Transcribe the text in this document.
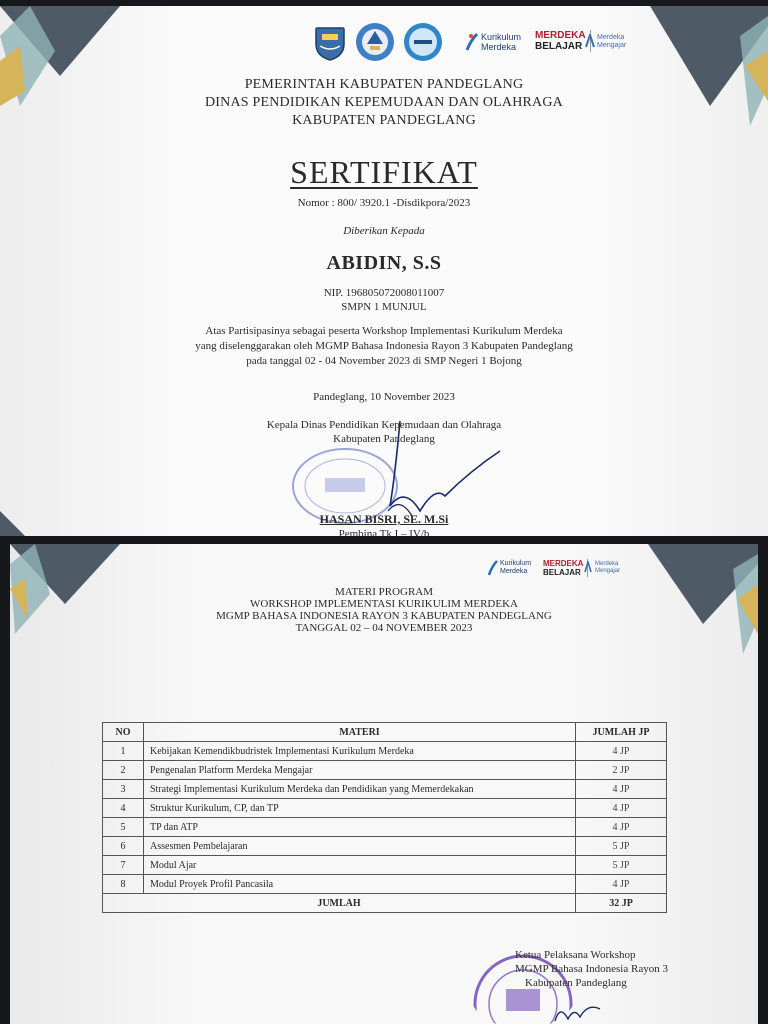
Kurikulum
Merdeka
MERDEKA
BELAJAR
Merdeka
Mengajar
PEMERINTAH KABUPATEN PANDEGLANG
DINAS PENDIDIKAN KEPEMUDAAN DAN OLAHRAGA
KABUPATEN PANDEGLANG
SERTIFIKAT
Nomor : 800/ 3920.1 -Disdikpora/2023
Diberikan Kepada
ABIDIN, S.S
NIP. 196805072008011007
SMPN 1 MUNJUL
Atas Partisipasinya sebagai peserta Workshop Implementasi Kurikulum Merdeka
yang diselenggarakan oleh MGMP Bahasa Indonesia Rayon 3 Kabupaten Pandeglang
pada tanggal 02 - 04 November 2023 di SMP Negeri 1 Bojong
Pandeglang, 10 November 2023
Kepala Dinas Pendidikan Kepemudaan dan Olahraga
Kabupaten Pandeglang
HASAN BISRI, SE. M.Si
Pembina Tk I – IV/b
Kurikulum
Merdeka
MERDEKA
BELAJAR
Merdeka
Mengajar
MATERI PROGRAM
WORKSHOP IMPLEMENTASI KURIKULIM MERDEKA
MGMP BAHASA INDONESIA RAYON 3 KABUPATEN PANDEGLANG
TANGGAL 02 – 04 NOVEMBER 2023
NO	MATERI	JUMLAH JP
1	Kebijakan Kemendikbudristek Implementasi Kurikulum Merdeka	4 JP
2	Pengenalan Platform Merdeka Mengajar	2 JP
3	Strategi Implementasi Kurikulum Merdeka dan Pendidikan yang Memerdekakan	4 JP
4	Struktur Kurikulum, CP, dan TP	4 JP
5	TP dan ATP	4 JP
6	Assesmen Pembelajaran	5 JP
7	Modul Ajar	5 JP
8	Modul Proyek Profil Pancasila	4 JP
JUMLAH		32 JP
Ketua Pelaksana Workshop
MGMP Bahasa Indonesia Rayon 3
Kabupaten Pandeglang
